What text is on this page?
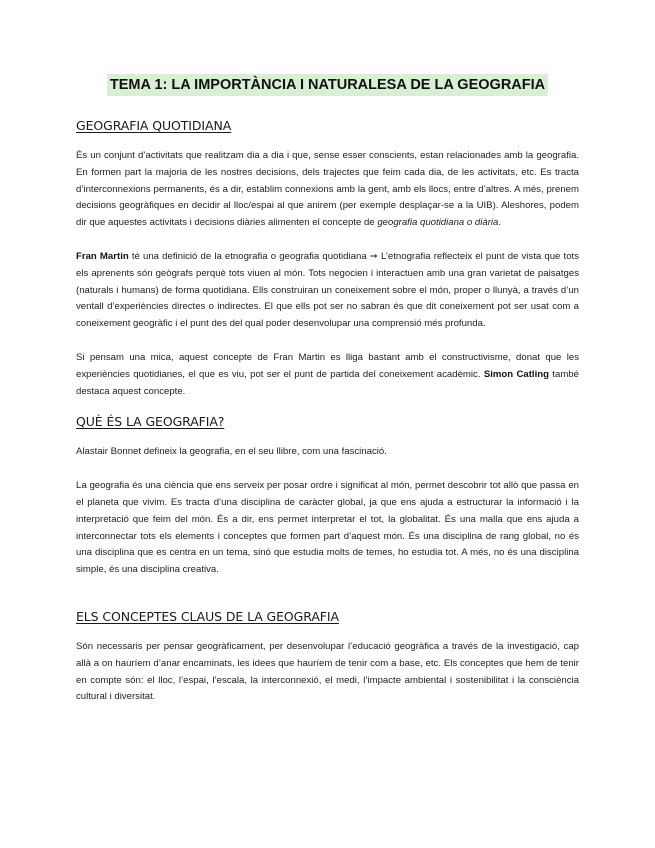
TEMA 1: LA IMPORTÀNCIA I NATURALESA DE LA GEOGRAFIA
GEOGRAFIA QUOTIDIANA

És un conjunt d’activitats que realitzam dia a dia i que, sense esser conscients, estan relacionades amb la geografia. En formen part la majoria de les nostres decisions, dels trajectes que feim cada dia, de les activitats, etc. Es tracta d’interconnexions permanents, és a dir, establim connexions amb la gent, amb els llocs, entre d’altres. A més, prenem decisions geogràfiques en decidir al lloc/espai al que anirem (per exemple desplaçar-se a la UIB). Aleshores, podem dir que aquestes activitats i decisions diàries alimenten el concepte de geografia quotidiana o diària.

Fran Martin té una definició de la etnografia o geografia quotidiana ➞ L’etnografia reflecteix el punt de vista que tots els aprenents són geògrafs perquè tots viuen al món. Tots negocien i interactuen amb una gran varietat de paisatges (naturals i humans) de forma quotidiana. Ells construiran un coneixement sobre el món, proper o llunyà, a través d’un ventall d’experiències directes o indirectes. El que ells pot ser no sabran és que dit coneixement pot ser usat com a coneixement geogràfic i el punt des del qual poder desenvolupar una comprensió més profunda.

Si pensam una mica, aquest concepte de Fran Martin es lliga bastant amb el constructivisme, donat que les experiències quotidianes, el que es viu, pot ser el punt de partida del coneixement acadèmic. Simon Catling també destaca aquest concepte.

QUÈ ÉS LA GEOGRAFIA?

Alastair Bonnet defineix la geografia, en el seu llibre, com una fascinació.

La geografia és una ciència que ens serveix per posar ordre i significat al món, permet descobrir tot allò que passa en el planeta que vivim. Es tracta d’una disciplina de caràcter global, ja que ens ajuda a estructurar la informació i la interpretació que feim del món. És a dir, ens permet interpretar el tot, la globalitat. És una malla que ens ajuda a interconnectar tots els elements i conceptes que formen part d’aquest món. És una disciplina de rang global, no és una disciplina que es centra en un tema, sinó que estudia molts de temes, ho estudia tot. A més, no és una disciplina simple, és una disciplina creativa.

ELS CONCEPTES CLAUS DE LA GEOGRAFIA

Són necessaris per pensar geogràficament, per desenvolupar l’educació geogràfica a través de la investigació, cap allà a on hauríem d’anar encaminats, les idees que hauríem de tenir com a base, etc. Els conceptes que hem de tenir en compte són: el lloc, l’espai, l’escala, la interconnexió, el medi, l’impacte ambiental i sostenibilitat i la consciència cultural i diversitat.
